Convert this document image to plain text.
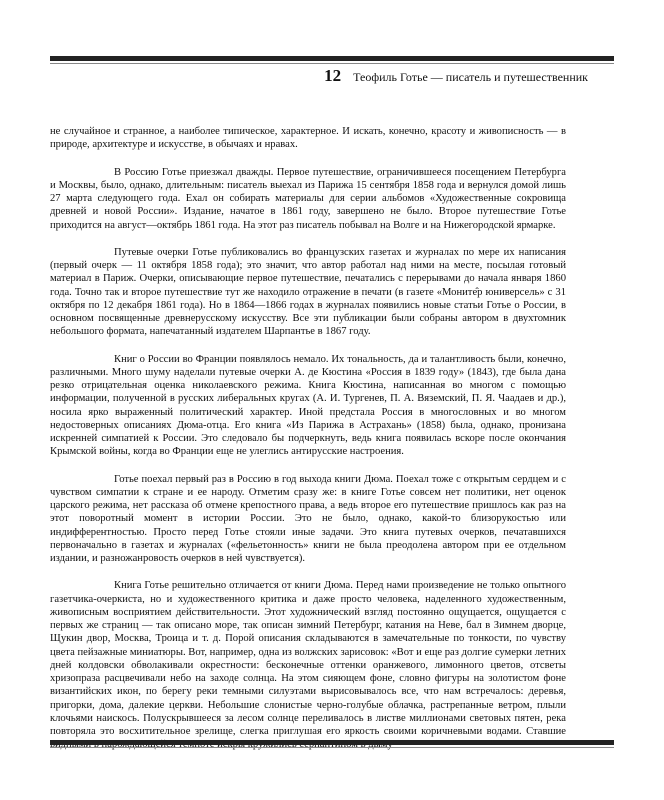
12 Теофиль Готье — писатель и путешественник

не случайное и странное, а наиболее типическое, характерное. И искать, конечно, красоту и живописность — в природе, архитектуре и искусстве, в обычаях и нравах.

В Россию Готье приезжал дважды. Первое путешествие, ограничившееся посещением Петербурга и Москвы, было, однако, длительным: писатель выехал из Парижа 15 сентября 1858 года и вернулся домой лишь 27 марта следующего года. Ехал он собирать материалы для серии альбомов «Художественные сокровища древней и новой России». Издание, начатое в 1861 году, завершено не было. Второе путешествие Готье приходится на август—октябрь 1861 года. На этот раз писатель побывал на Волге и на Нижегородской ярмарке.

Путевые очерки Готье публиковались во французских газетах и журналах по мере их написания (первый очерк — 11 октября 1858 года); это значит, что автор работал над ними на месте, посылая готовый материал в Париж. Очерки, описывающие первое путешествие, печатались с перерывами до начала января 1860 года. Точно так и второе путешествие тут же находило отражение в печати (в газете «Моните̂р юниверсель» с 31 октября по 12 декабря 1861 года). Но в 1864—1866 годах в журналах появились новые статьи Готье о России, в основном посвященные древнерусскому искусству. Все эти публикации были собраны автором в двухтомник небольшого формата, напечатанный издателем Шарпантье в 1867 году.

Книг о России во Франции появлялось немало. Их тональность, да и талантливость были, конечно, различными. Много шуму наделали путевые очерки А. де Кюстина «Россия в 1839 году» (1843), где была дана резко отрицательная оценка николаевского режима. Книга Кюстина, написанная во многом с помощью информации, полученной в русских либеральных кругах (А. И. Тургенев, П. А. Вяземский, П. Я. Чаадаев и др.), носила ярко выраженный политический характер. Иной предстала Россия в многословных и во многом недостоверных описаниях Дюма-отца. Его книга «Из Парижа в Астрахань» (1858) была, однако, пронизана искренней симпатией к России. Это следовало бы подчеркнуть, ведь книга появилась вскоре после окончания Крымской войны, когда во Франции еще не улеглись антирусские настроения.

Готье поехал первый раз в Россию в год выхода книги Дюма. Поехал тоже с открытым сердцем и с чувством симпатии к стране и ее народу. Отметим сразу же: в книге Готье совсем нет политики, нет оценок царского режима, нет рассказа об отмене крепостного права, а ведь второе его путешествие пришлось как раз на этот поворотный момент в истории России. Это не было, однако, какой-то близорукостью или индифферентностью. Просто перед Готье стояли иные задачи. Это книга путевых очерков, печатавшихся первоначально в газетах и журналах («фельетонность» книги не была преодолена автором при ее отдельном издании, и разножанровость очерков в ней чувствуется).

Книга Готье решительно отличается от книги Дюма. Перед нами произведение не только опытного газетчика-очеркиста, но и художественного критика и даже просто человека, наделенного художественным, живописным восприятием действительности. Этот художнический взгляд постоянно ощущается, ощущается с первых же страниц — так описано море, так описан зимний Петербург, катания на Неве, бал в Зимнем дворце, Щукин двор, Москва, Троица и т. д. Порой описания складываются в замечательные по тонкости, по чувству цвета пейзажные миниатюры. Вот, например, одна из волжских зарисовок: «Вот и еще раз долгие сумерки летних дней колдовски обволакивали окрестности: бесконечные оттенки оранжевого, лимонного цветов, отсветы хризопраза расцвечивали небо на заходе солнца. На этом сияющем фоне, словно фигуры на золотистом фоне византийских икон, по берегу реки темными силуэтами вырисовывалось все, что нам встречалось: деревья, пригорки, дома, далекие церкви. Небольшие слонистые черно-голубые облачка, растрепанные ветром, плыли клочьями наискось. Полускрывшееся за лесом солнце переливалось в листве миллионами световых пятен, река повторяла это восхитительное зрелище, слегка приглушая его яркость своими коричневыми водами. Ставшие
